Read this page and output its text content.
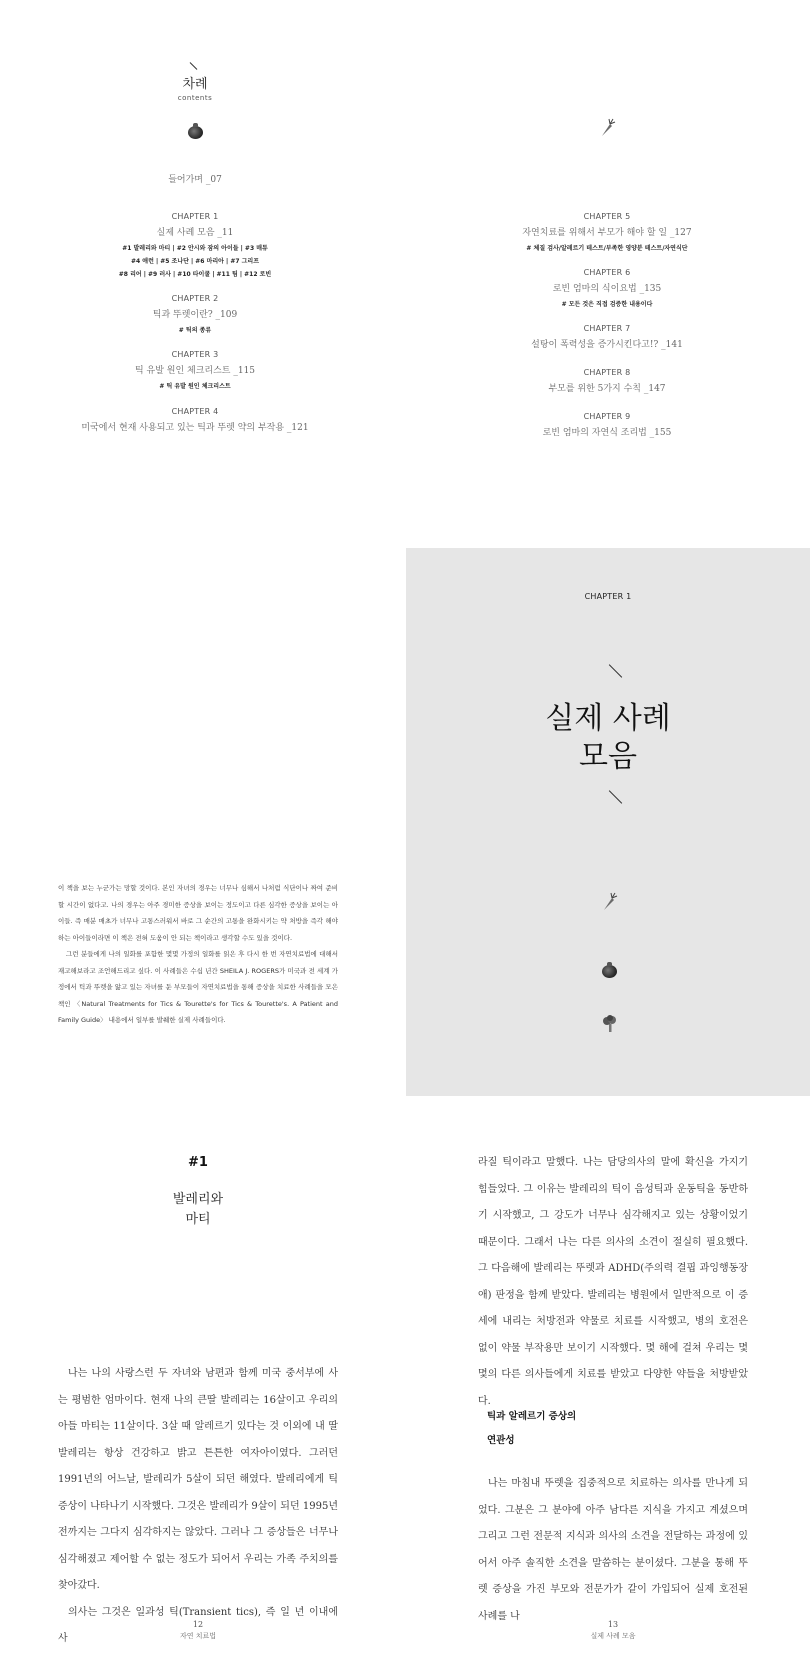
차례
contents
들어가며 _07
CHAPTER 1
실제 사례 모음 _11
#1 발레리와 마티 | #2 안시와 잠의 아이들 | #3 매튜
#4 애런 | #5 조나단 | #6 마리아 | #7 그리프
#8 리어 | #9 러사 | #10 타이쿨 | #11 팀 | #12 로빈
CHAPTER 2
틱과 뚜렛이란? _109
# 틱의 종류
CHAPTER 3
틱 유발 원인 체크리스트 _115
# 틱 유발 원인 체크리스트
CHAPTER 4
미국에서 현재 사용되고 있는 틱과 뚜렛 약의 부작용 _121
CHAPTER 5
자연치료를 위해서 부모가 해야 할 일 _127
# 체질 검사/알레르기 테스트/부족한 영양분 테스트/자연식단
CHAPTER 6
로빈 엄마의 식이요법 _135
# 모든 것은 직접 검증한 내용이다
CHAPTER 7
설탕이 폭력성을 증가시킨다고!? _141
CHAPTER 8
부모를 위한 5가지 수칙 _147
CHAPTER 9
로빈 엄마의 자연식 조리법 _155

이 책을 보는 누군가는 망할 것이다. 본인 자녀의 경우는 너무나 심해서 나처럼 식단이나 짜여 준비할 시간이 없다고. 나의 경우는 아주 경미한 증상을 보이는 정도이고 다른 심각한 증상을 보이는 아이들. 즉 매분 매초가 너무나 고통스러워서 바로 그 순간의 고통을 완화시키는 약 처방을 즉각 해야 하는 아이들이라면 이 책은 전혀 도움이 안 되는 책이라고 생각할 수도 있을 것이다.

그런 분들에게 나의 일화를 포함한 몇몇 가정의 일화를 읽은 후 다시 한 번 자연치료법에 대해서 재고해보라고 조언해드리고 싶다. 이 사례들은 수십 년간 SHEILA J. ROGERS가 미국과 전 세계 가정에서 틱과 뚜렛을 앓고 있는 자녀를 둔 부모들이 자연치료법을 통해 증상을 치료한 사례들을 모은 책인 〈Natural Treatments for Tics & Tourette's for Tics & Tourette's. A Patient and Family Guide〉 내용에서 일부를 발췌한 실제 사례들이다.

CHAPTER 1
실제 사례
모음
#1
발레리와
마티

나는 나의 사랑스런 두 자녀와 남편과 함께 미국 중서부에 사는 평범한 엄마이다. 현재 나의 큰딸 발레리는 16살이고 우리의 아들 마티는 11살이다. 3살 때 알레르기 있다는 것 이외에 내 딸 발레리는 항상 건강하고 밝고 튼튼한 여자아이였다. 그러던 1991년의 어느날, 발레리가 5살이 되던 해였다. 발레리에게 틱 증상이 나타나기 시작했다. 그것은 발레리가 9살이 되던 1995년 전까지는 그다지 심각하지는 않았다. 그러나 그 증상들은 너무나 심각해졌고 제어할 수 없는 정도가 되어서 우리는 가족 주치의를 찾아갔다.

의사는 그것은 일과성 틱(Transient tics), 즉 일 년 이내에 사

라질 틱이라고 말했다. 나는 담당의사의 말에 확신을 가지기 힘들었다. 그 이유는 발레리의 틱이 음성틱과 운동틱을 동반하기 시작했고, 그 강도가 너무나 심각해지고 있는 상황이었기 때문이다. 그래서 나는 다른 의사의 소견이 절실히 필요했다. 그 다음해에 발레리는 뚜렛과 ADHD(주의력 결핍 과잉행동장애) 판정을 함께 받았다. 발레리는 병원에서 일반적으로 이 증세에 내리는 처방전과 약물로 치료를 시작했고, 병의 호전은 없이 약물 부작용만 보이기 시작했다. 몇 해에 걸쳐 우리는 몇몇의 다른 의사들에게 치료를 받았고 다양한 약들을 처방받았다.

틱과 알레르기 증상의
연관성

나는 마침내 뚜렛을 집중적으로 치료하는 의사를 만나게 되었다. 그분은 그 분야에 아주 남다른 지식을 가지고 계셨으며 그리고 그런 전문적 지식과 의사의 소견을 전달하는 과정에 있어서 아주 솔직한 소견을 말씀하는 분이셨다. 그분을 통해 뚜렛 증상을 가진 부모와 전문가가 같이 가입되어 실제 호전된 사례를 나

12
자연 치료법
13
실제 사례 모음
